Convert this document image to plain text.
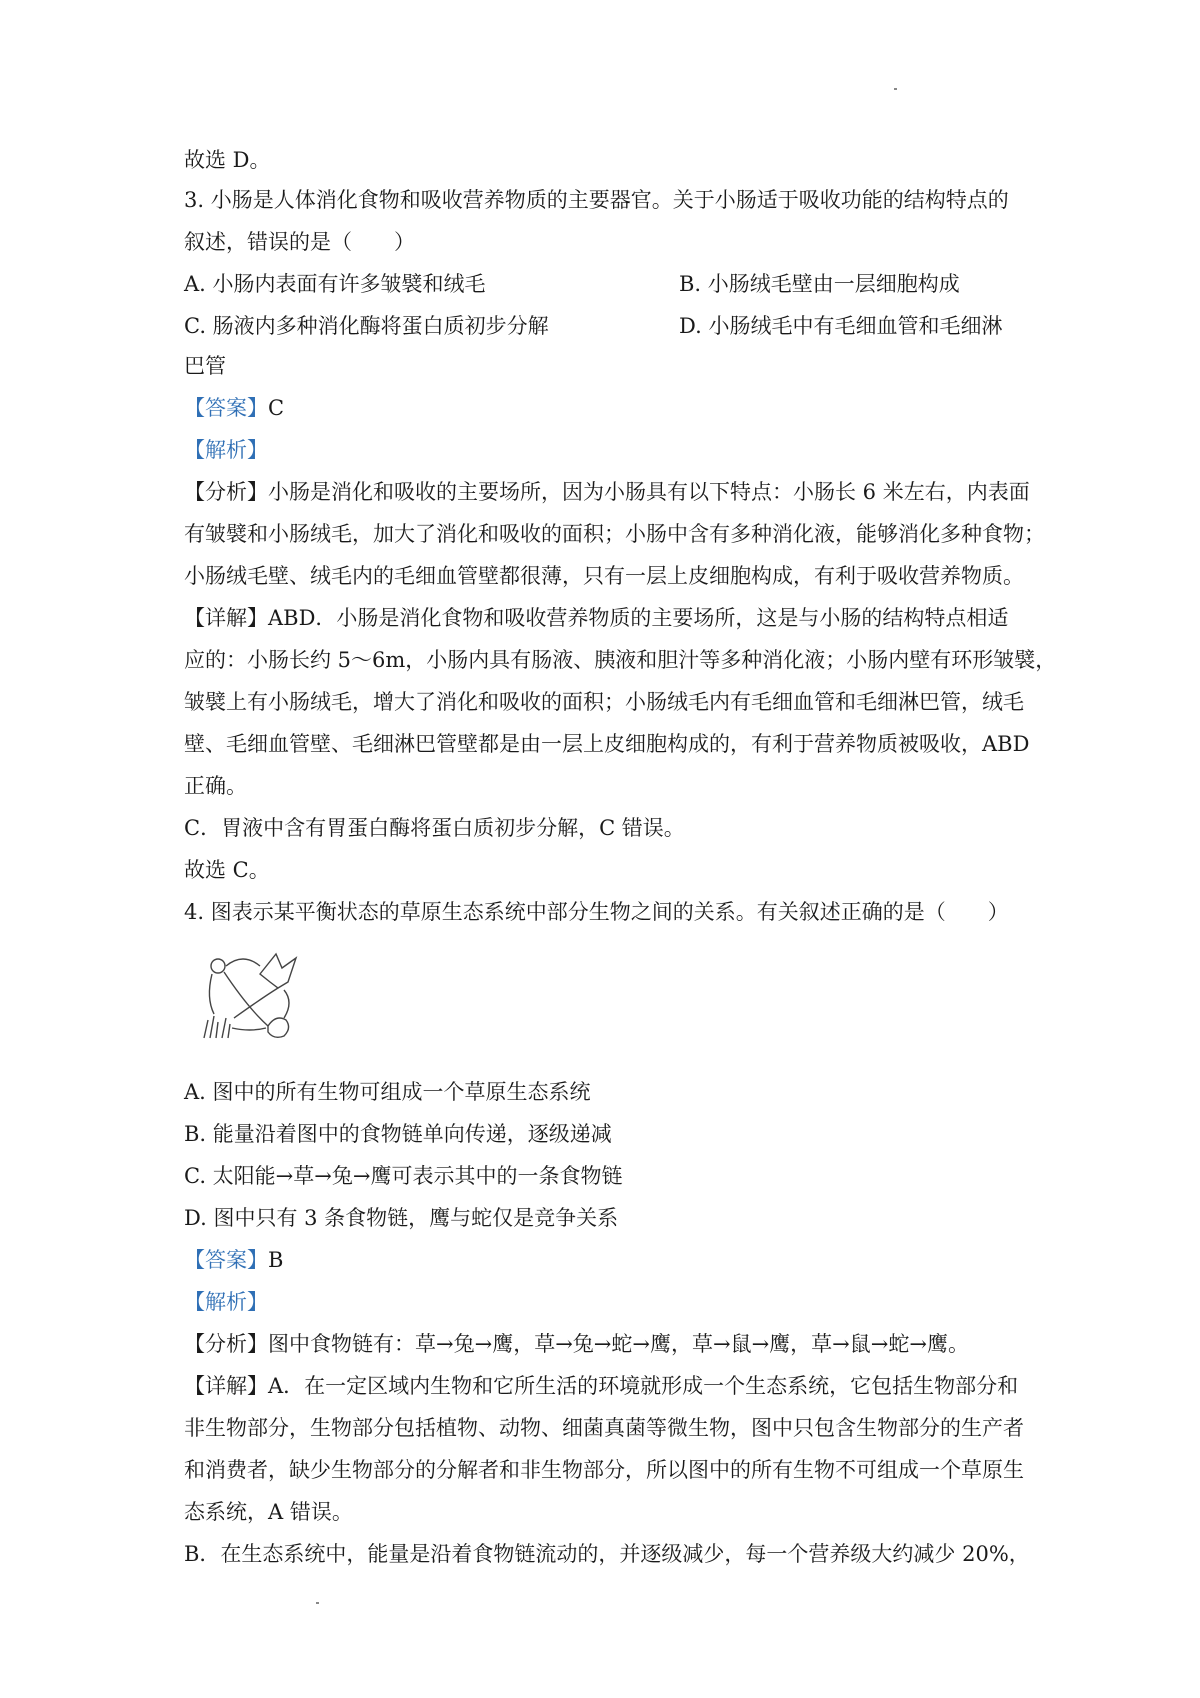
故选 D。
3. 小肠是人体消化食物和吸收营养物质的主要器官。关于小肠适于吸收功能的结构特点的
叙述，错误的是（　　）
A. 小肠内表面有许多皱襞和绒毛	B. 小肠绒毛壁由一层细胞构成
C. 肠液内多种消化酶将蛋白质初步分解	D. 小肠绒毛中有毛细血管和毛细淋
巴管
【答案】C
【解析】
【分析】小肠是消化和吸收的主要场所，因为小肠具有以下特点：小肠长 6 米左右，内表面
有皱襞和小肠绒毛，加大了消化和吸收的面积；小肠中含有多种消化液，能够消化多种食物；
小肠绒毛壁、绒毛内的毛细血管壁都很薄，只有一层上皮细胞构成，有利于吸收营养物质。
【详解】ABD．小肠是消化食物和吸收营养物质的主要场所，这是与小肠的结构特点相适
应的：小肠长约 5～6m，小肠内具有肠液、胰液和胆汁等多种消化液；小肠内壁有环形皱襞，
皱襞上有小肠绒毛，增大了消化和吸收的面积；小肠绒毛内有毛细血管和毛细淋巴管，绒毛
壁、毛细血管壁、毛细淋巴管壁都是由一层上皮细胞构成的，有利于营养物质被吸收，ABD
正确。
C．胃液中含有胃蛋白酶将蛋白质初步分解，C 错误。
故选 C。
4. 图表示某平衡状态的草原生态系统中部分生物之间的关系。有关叙述正确的是（　　）
A. 图中的所有生物可组成一个草原生态系统
B. 能量沿着图中的食物链单向传递，逐级递减
C. 太阳能→草→兔→鹰可表示其中的一条食物链
D. 图中只有 3 条食物链，鹰与蛇仅是竞争关系
【答案】B
【解析】
【分析】图中食物链有：草→兔→鹰，草→兔→蛇→鹰，草→鼠→鹰，草→鼠→蛇→鹰。
【详解】A．在一定区域内生物和它所生活的环境就形成一个生态系统，它包括生物部分和
非生物部分，生物部分包括植物、动物、细菌真菌等微生物，图中只包含生物部分的生产者
和消费者，缺少生物部分的分解者和非生物部分，所以图中的所有生物不可组成一个草原生
态系统，A 错误。
B．在生态系统中，能量是沿着食物链流动的，并逐级减少，每一个营养级大约减少 20%，
